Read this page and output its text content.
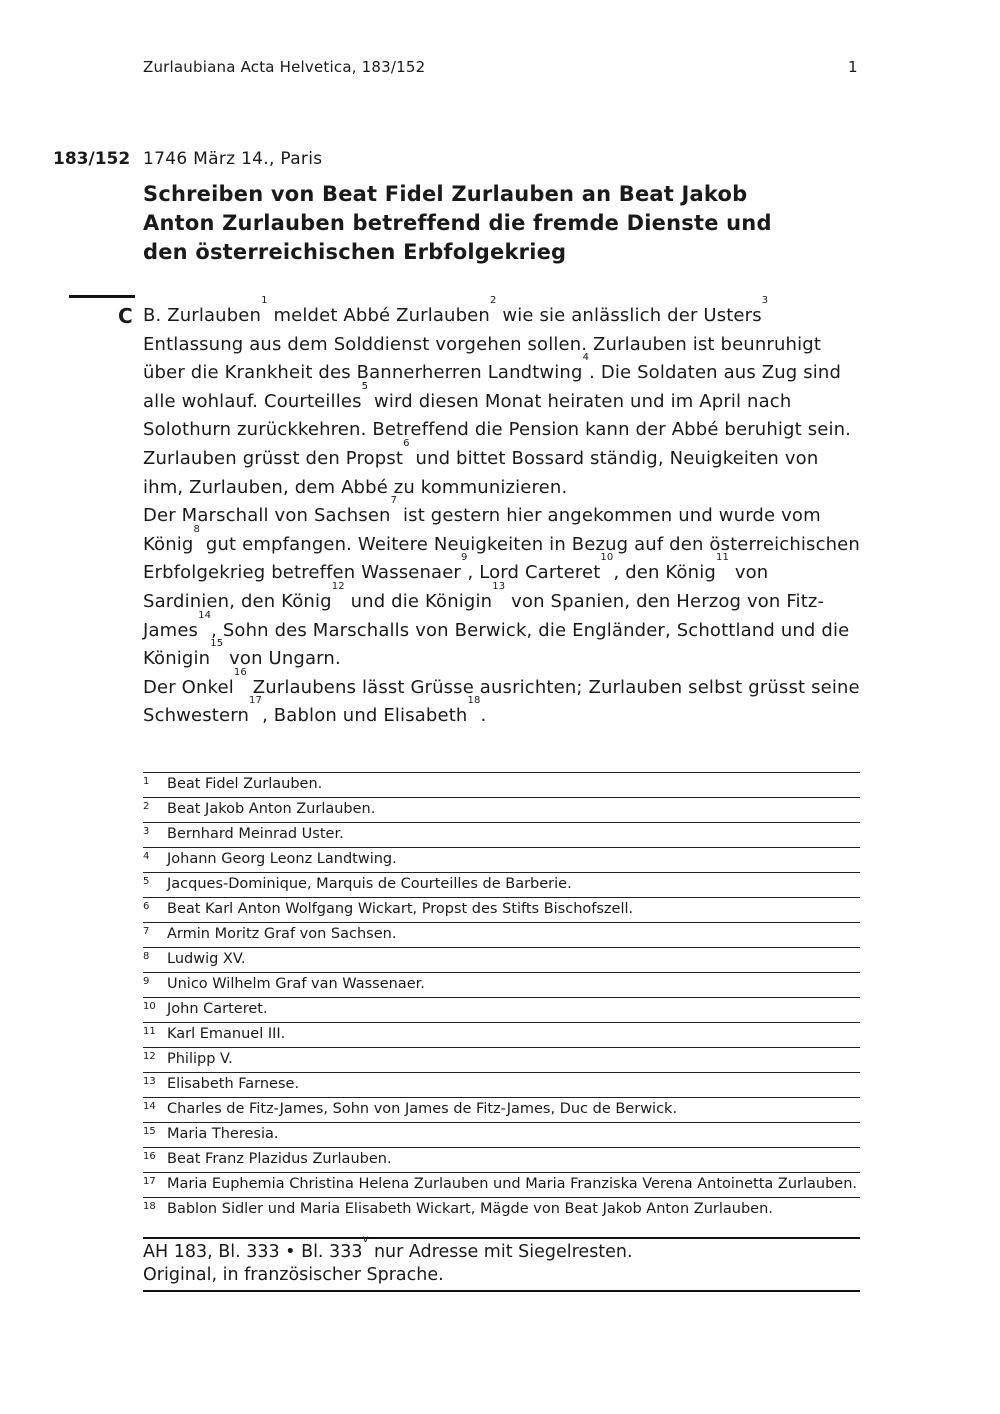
Zurlaubiana Acta Helvetica, 183/152	1
183/152 1746 März 14., Paris
Schreiben von Beat Fidel Zurlauben an Beat Jakob Anton Zurlauben betreffend die fremde Dienste und den österreichischen Erbfolgekrieg
C B. Zurlauben$^1$ meldet Abbé Zurlauben$^2$ wie sie anlässlich der Usters$^3$ Entlassung aus dem Solddienst vorgehen sollen. Zurlauben ist beunruhigt über die Krankheit des Bannerherren Landtwing$^4$. Die Soldaten aus Zug sind alle wohlauf. Courteilles$^5$ wird diesen Monat heiraten und im April nach Solothurn zurückkehren. Betreffend die Pension kann der Abbé beruhigt sein. Zurlauben grüsst den Propst$^6$ und bittet Bossard ständig, Neuigkeiten von ihm, Zurlauben, dem Abbé zu kommunizieren.

Der Marschall von Sachsen$^7$ ist gestern hier angekommen und wurde vom König$^8$ gut empfangen. Weitere Neuigkeiten in Bezug auf den österreichischen Erbfolgekrieg betreffen Wassenaer$^9$, Lord Carteret$^{10}$, den König$^{11}$ von Sardinien, den König$^{12}$ und die Königin$^{13}$ von Spanien, den Herzog von Fitz-James$^{14}$, Sohn des Marschalls von Berwick, die Engländer, Schottland und die Königin$^{15}$ von Ungarn.

Der Onkel$^{16}$ Zurlaubens lässt Grüsse ausrichten; Zurlauben selbst grüsst seine Schwestern$^{17}$, Bablon und Elisabeth$^{18}$.

1	Beat Fidel Zurlauben.
2	Beat Jakob Anton Zurlauben.
3	Bernhard Meinrad Uster.
4	Johann Georg Leonz Landtwing.
5	Jacques-Dominique, Marquis de Courteilles de Barberie.
6	Beat Karl Anton Wolfgang Wickart, Propst des Stifts Bischofszell.
7	Armin Moritz Graf von Sachsen.
8	Ludwig XV.
9	Unico Wilhelm Graf van Wassenaer.
10 John Carteret.
11 Karl Emanuel III.
12 Philipp V.
13 Elisabeth Farnese.
14 Charles de Fitz-James, Sohn von James de Fitz-James, Duc de Berwick.
15 Maria Theresia.
16 Beat Franz Plazidus Zurlauben.
17 Maria Euphemia Christina Helena Zurlauben und Maria Franziska Verena Antoinetta Zurlauben.
18 Bablon Sidler und Maria Elisabeth Wickart, Mägde von Beat Jakob Anton Zurlauben.
AH 183, Bl. 333 • Bl. 333$^v$ nur Adresse mit Siegelresten.
Original, in französischer Sprache.
